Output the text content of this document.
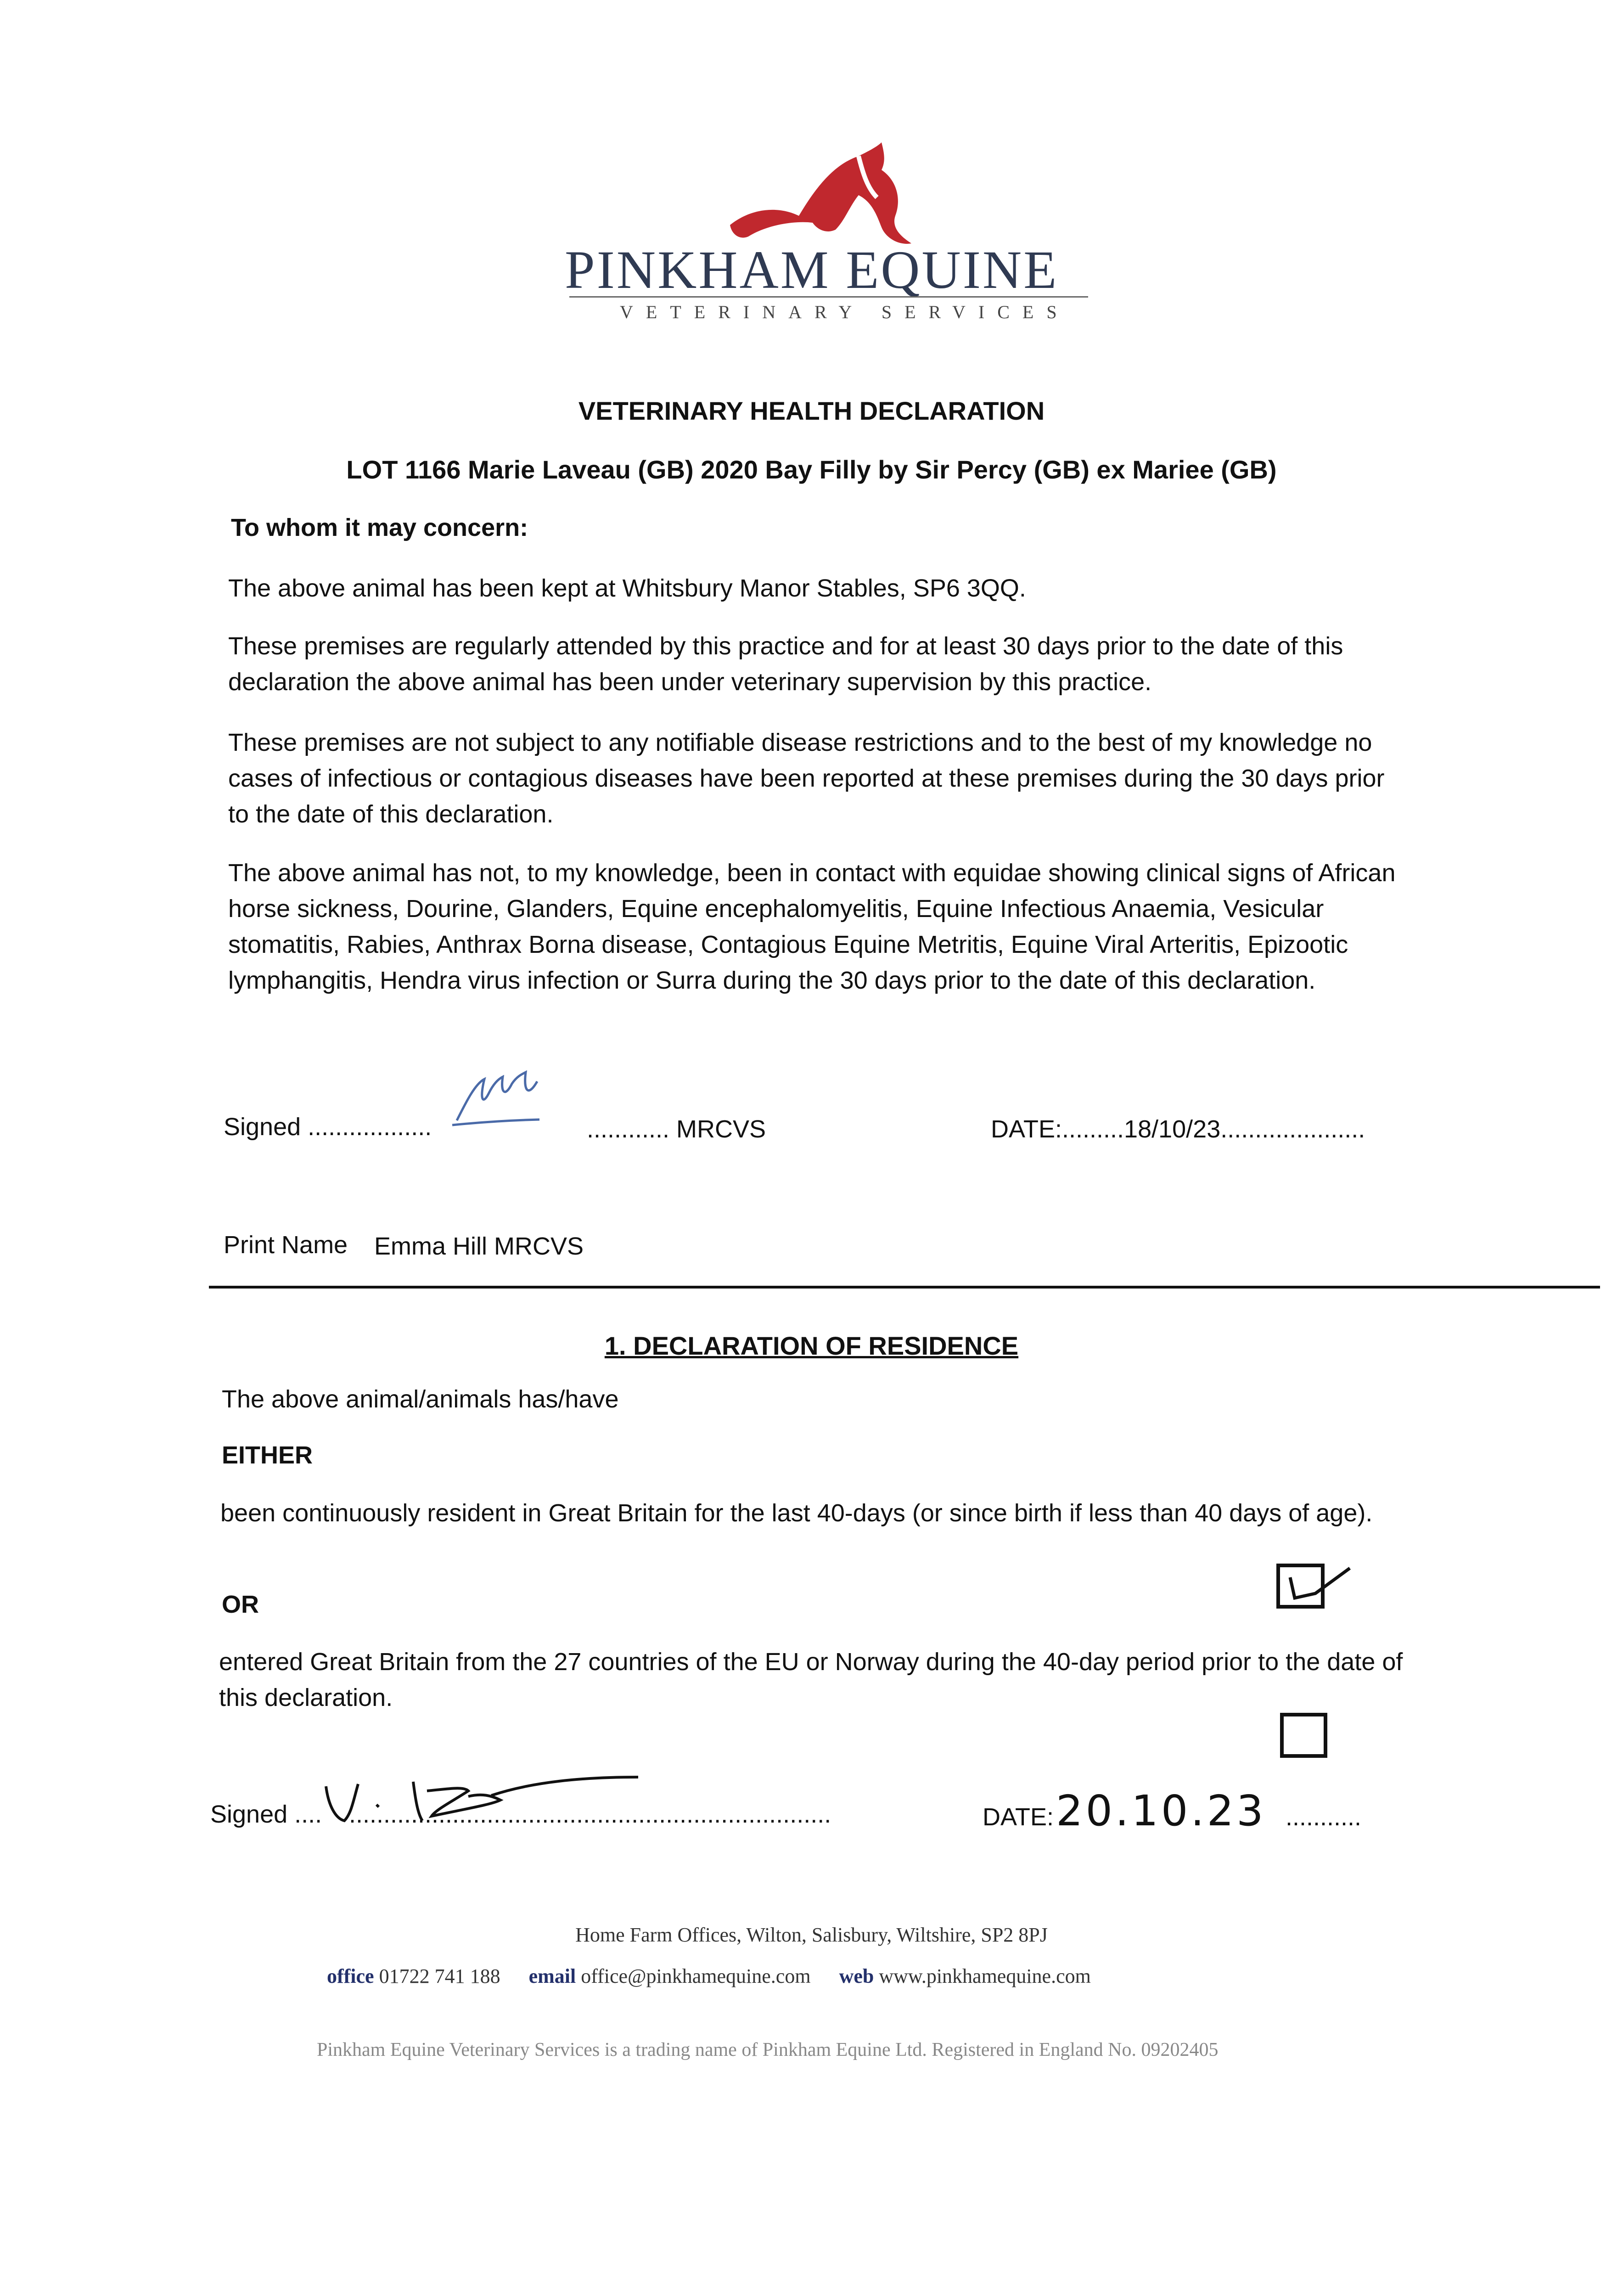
PINKHAM EQUINE
VETERINARY SERVICES
VETERINARY HEALTH DECLARATION
LOT 1166 Marie Laveau (GB) 2020 Bay Filly by Sir Percy (GB) ex Mariee (GB)
To whom it may concern:
The above animal has been kept at Whitsbury Manor Stables, SP6 3QQ.
These premises are regularly attended by this practice and for at least 30 days prior to the date of this declaration the above animal has been under veterinary supervision by this practice.
These premises are not subject to any notifiable disease restrictions and to the best of my knowledge no cases of infectious or contagious diseases have been reported at these premises during the 30 days prior to the date of this declaration.
The above animal has not, to my knowledge, been in contact with equidae showing clinical signs of African horse sickness, Dourine, Glanders, Equine encephalomyelitis, Equine Infectious Anaemia, Vesicular stomatitis, Rabies, Anthrax Borna disease, Contagious Equine Metritis, Equine Viral Arteritis, Epizootic lymphangitis, Hendra virus infection or Surra during the 30 days prior to the date of this declaration.
Signed ..................	............ MRCVS	DATE:.........18/10/23.....................
Print Name Emma Hill MRCVS
1. DECLARATION OF RESIDENCE
The above animal/animals has/have
EITHER
been continuously resident in Great Britain for the last 40-days (or since birth if less than 40 days of age).
OR
entered Great Britain from the 27 countries of the EU or Norway during the 40-day period prior to the date of this declaration.
Signed .... ......................................................................	DATE: 20.10.23 ...........
Home Farm Offices, Wilton, Salisbury, Wiltshire, SP2 8PJ
office 01722 741 188 email office@pinkhamequine.com web www.pinkhamequine.com
Pinkham Equine Veterinary Services is a trading name of Pinkham Equine Ltd. Registered in England No. 09202405
